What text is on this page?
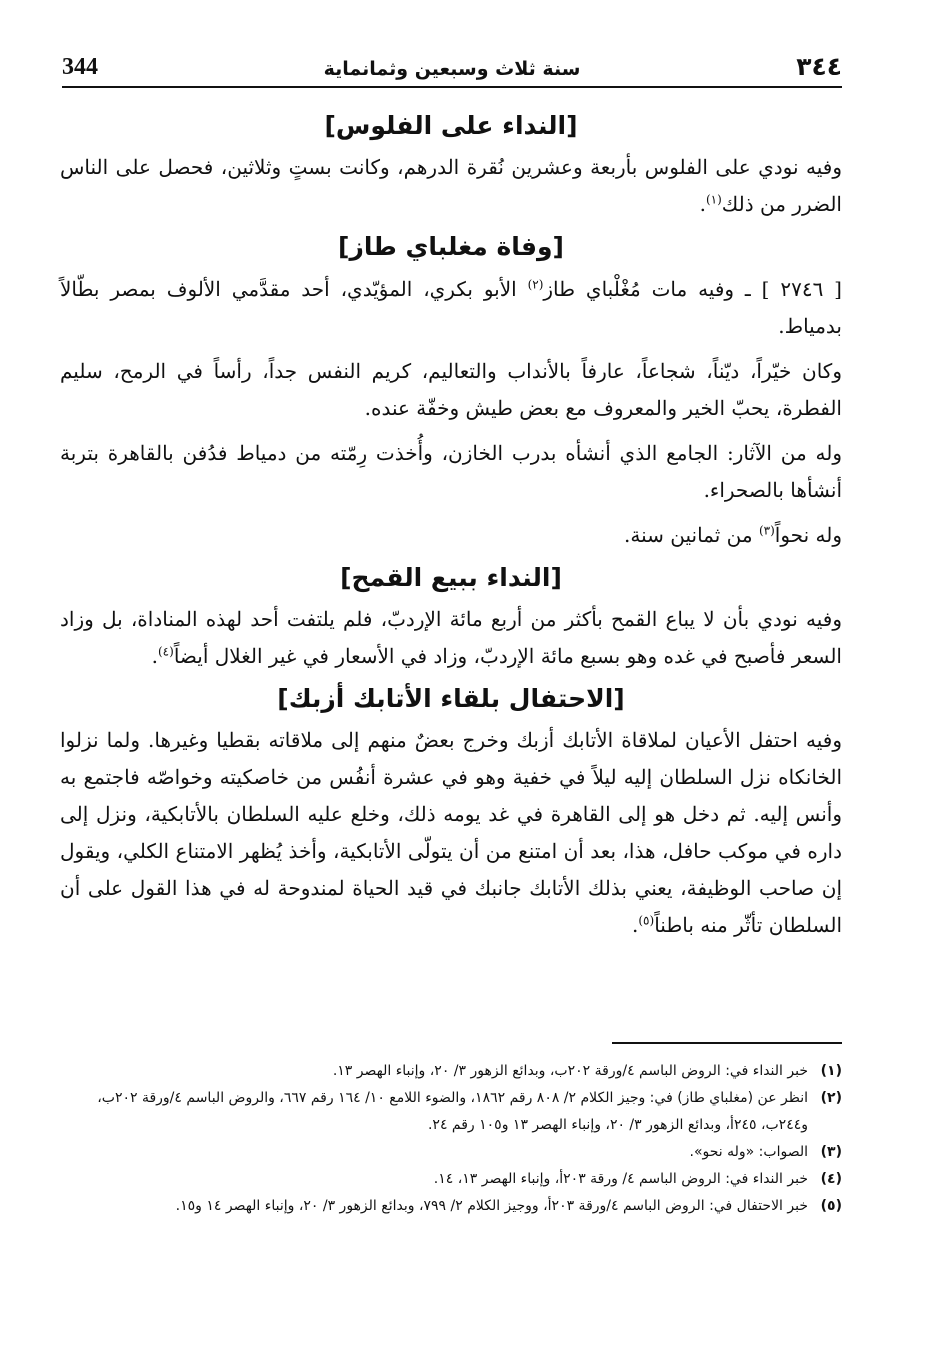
344	سنة ثلاث وسبعين وثمانماية	٣٤٤
[النداء على الفلوس]

وفيه نودي على الفلوس بأربعة وعشرين نُقرة الدرهم، وكانت بستٍ وثلاثين، فحصل على الناس الضرر من ذلك$^{(١)}$.

[وفاة مغلباي طاز]

[ ٢٧٤٦ ] ـ وفيه مات مُغْلْباي طاز$^{(٢)}$ الأبو بكري، المؤيّدي، أحد مقدَّمي الألوف بمصر بطّالاً بدمياط.

وكان خيّراً، ديّناً، شجاعاً، عارفاً بالأنداب والتعاليم، كريم النفس جداً، رأساً في الرمح، سليم الفطرة، يحبّ الخير والمعروف مع بعض طيش وخفّة عنده.

وله من الآثار: الجامع الذي أنشأه بدرب الخازن، وأُخذت رِمّته من دمياط فدُفن بالقاهرة بتربة أنشأها بالصحراء.

وله نحواً$^{(٣)}$ من ثمانين سنة.

[النداء ببيع القمح]

وفيه نودي بأن لا يباع القمح بأكثر من أربع مائة الإردبّ، فلم يلتفت أحد لهذه المناداة، بل وزاد السعر فأصبح في غده وهو بسبع مائة الإردبّ، وزاد في الأسعار في غير الغلال أيضاً$^{(٤)}$.

[الاحتفال بلقاء الأتابك أزبك]

وفيه احتفل الأعيان لملاقاة الأتابك أزبك وخرج بعضٌ منهم إلى ملاقاته بقطيا وغيرها. ولما نزلوا الخانكاه نزل السلطان إليه ليلاً في خفية وهو في عشرة أنفُس من خاصكيته وخواصّه فاجتمع به وأنس إليه. ثم دخل هو إلى القاهرة في غد يومه ذلك، وخلع عليه السلطان بالأتابكية، ونزل إلى داره في موكب حافل، هذا، بعد أن امتنع من أن يتولّى الأتابكية، وأخذ يُظهر الامتناع الكلي، ويقول إن صاحب الوظيفة، يعني بذلك الأتابك جانبك في قيد الحياة لمندوحة له في هذا القول على أن السلطان تأثّر منه باطناً$^{(٥)}$.

(١)
خبر النداء في: الروض الباسم ٤/ورقة ٢٠٢ب، وبدائع الزهور ٣/ ٢٠، وإنباء الهصر ١٣.
(٢)
انظر عن (مغلباي طاز) في: وجيز الكلام ٢/ ٨٠٨ رقم ١٨٦٢، والضوء اللامع ١٠/ ١٦٤ رقم ٦٦٧، والروض الباسم ٤/ورقة ٢٠٢ب، و٢٤٤ب، ٢٤٥أ، وبدائع الزهور ٣/ ٢٠، وإنباء الهصر ١٣ و١٠٥ رقم ٢٤.
(٣)
الصواب: «وله نحو».
(٤)
خبر النداء في: الروض الباسم ٤/ ورقة ٢٠٣أ، وإنباء الهصر ١٣، ١٤.
(٥)
خبر الاحتفال في: الروض الباسم ٤/ورقة ٢٠٣أ، ووجيز الكلام ٢/ ٧٩٩، وبدائع الزهور ٣/ ٢٠، وإنباء الهصر ١٤ و١٥.
